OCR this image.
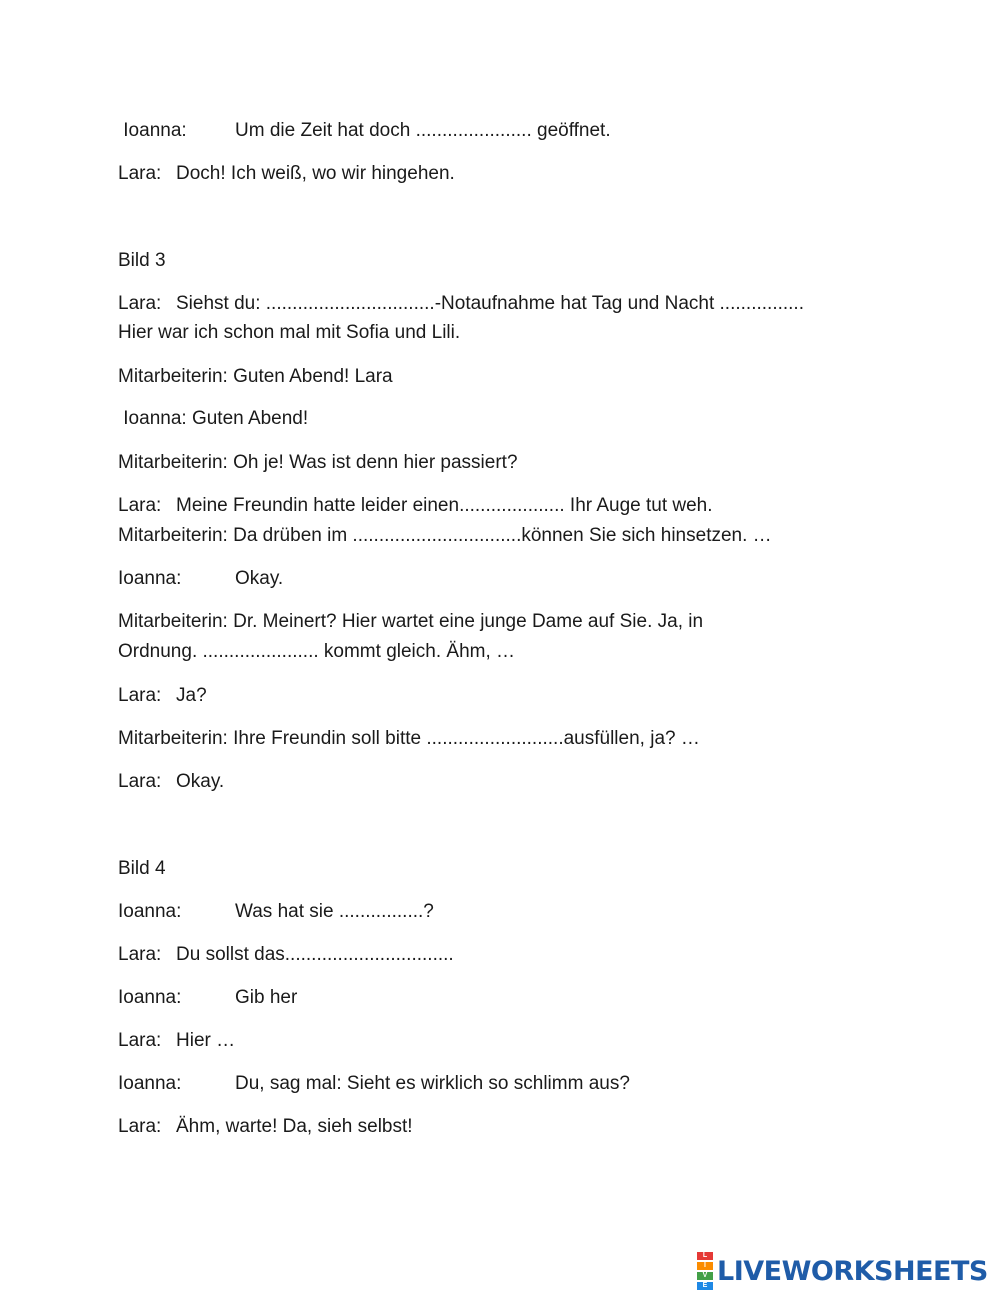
Ioanna:	Um die Zeit hat doch ...................... geöffnet.
Lara: Doch! Ich weiß, wo wir hingehen.
Bild 3
Lara: Siehst du: ................................-Notaufnahme hat Tag und Nacht ................
Hier war ich schon mal mit Sofia und Lili.
Mitarbeiterin: Guten Abend! Lara
Ioanna: Guten Abend!
Mitarbeiterin: Oh je! Was ist denn hier passiert?
Lara: Meine Freundin hatte leider einen.................... Ihr Auge tut weh.
Mitarbeiterin: Da drüben im ................................können Sie sich hinsetzen. …
Ioanna:	Okay.
Mitarbeiterin: Dr. Meinert? Hier wartet eine junge Dame auf Sie. Ja, in
Ordnung. ...................... kommt gleich. Ähm, …
Lara: Ja?
Mitarbeiterin: Ihre Freundin soll bitte ..........................ausfüllen, ja? …
Lara: Okay.
Bild 4
Ioanna:	Was hat sie ................?
Lara: Du sollst das................................
Ioanna:	Gib her
Lara: Hier …
Ioanna:	Du, sag mal: Sieht es wirklich so schlimm aus?
Lara: Ähm, warte! Da, sieh selbst!
L
I
V
E LIVEWORKSHEETS
